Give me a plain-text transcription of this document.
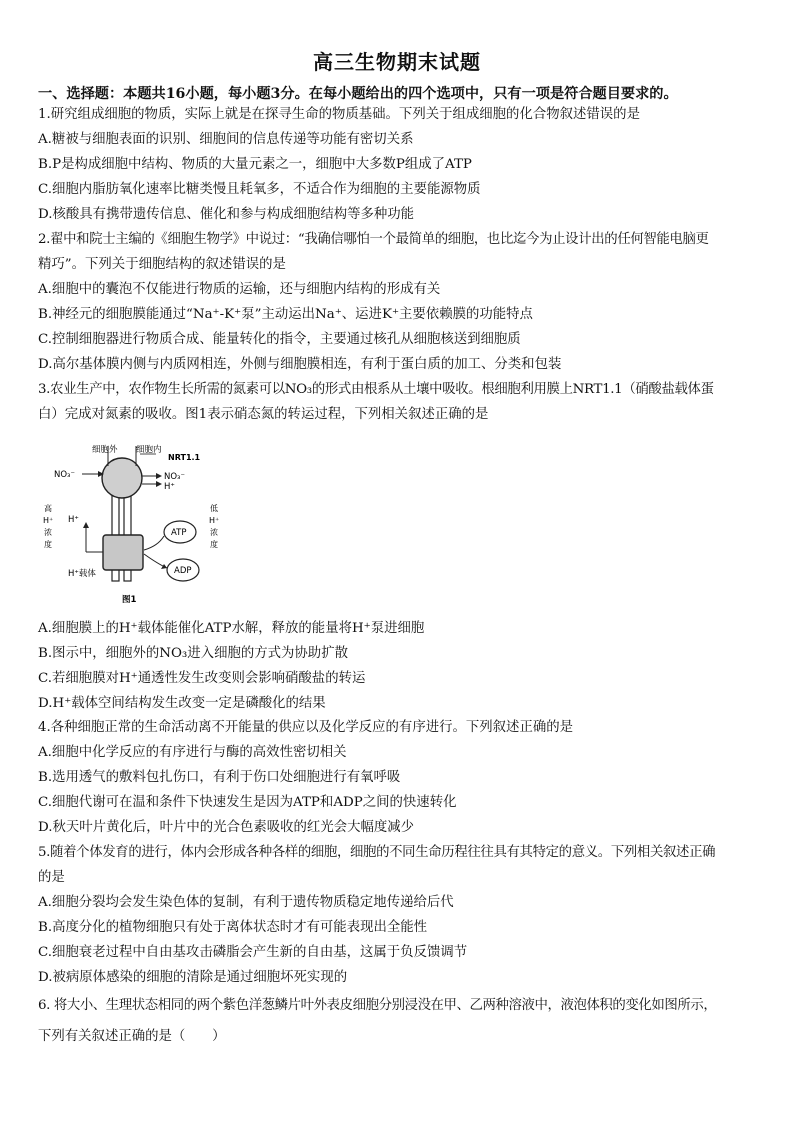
高三生物期末试题
一、选择题：本题共16小题，每小题3分。在每小题给出的四个选项中，只有一项是符合题目要求的。
1.研究组成细胞的物质，实际上就是在探寻生命的物质基础。下列关于组成细胞的化合物叙述错误的是
A.糖被与细胞表面的识别、细胞间的信息传递等功能有密切关系
B.P是构成细胞中结构、物质的大量元素之一，细胞中大多数P组成了ATP
C.细胞内脂肪氧化速率比糖类慢且耗氧多，不适合作为细胞的主要能源物质
D.核酸具有携带遗传信息、催化和参与构成细胞结构等多种功能
2.翟中和院士主编的《细胞生物学》中说过：“我确信哪怕一个最简单的细胞，也比迄今为止设计出的任何智能电脑更
精巧”。下列关于细胞结构的叙述错误的是
A.细胞中的囊泡不仅能进行物质的运输，还与细胞内结构的形成有关
B.神经元的细胞膜能通过“Na⁺-K⁺泵”主动运出Na⁺、运进K⁺主要依赖膜的功能特点
C.控制细胞器进行物质合成、能量转化的指令，主要通过核孔从细胞核送到细胞质
D.高尔基体膜内侧与内质网相连，外侧与细胞膜相连，有利于蛋白质的加工、分类和包装
3.农业生产中，农作物生长所需的氮素可以NO₃的形式由根系从土壤中吸收。根细胞利用膜上NRT1.1（硝酸盐载体蛋
白）完成对氮素的吸收。图1表示硝态氮的转运过程，下列相关叙述正确的是
细胞外 细胞内
NRT1.1
NO₃⁻	NO₃⁻
H⁺
H⁺
高
H⁺
浓
度
低
H⁺
浓
度
ATP
ADP
H⁺载体
图1
A.细胞膜上的H⁺载体能催化ATP水解，释放的能量将H⁺泵进细胞
B.图示中，细胞外的NO₃进入细胞的方式为协助扩散
C.若细胞膜对H⁺通透性发生改变则会影响硝酸盐的转运
D.H⁺载体空间结构发生改变一定是磷酸化的结果
4.各种细胞正常的生命活动离不开能量的供应以及化学反应的有序进行。下列叙述正确的是
A.细胞中化学反应的有序进行与酶的高效性密切相关
B.选用透气的敷料包扎伤口，有利于伤口处细胞进行有氧呼吸
C.细胞代谢可在温和条件下快速发生是因为ATP和ADP之间的快速转化
D.秋天叶片黄化后，叶片中的光合色素吸收的红光会大幅度减少
5.随着个体发育的进行，体内会形成各种各样的细胞，细胞的不同生命历程往往具有其特定的意义。下列相关叙述正确
的是
A.细胞分裂均会发生染色体的复制，有利于遗传物质稳定地传递给后代
B.高度分化的植物细胞只有处于离体状态时才有可能表现出全能性
C.细胞衰老过程中自由基攻击磷脂会产生新的自由基，这属于负反馈调节
D.被病原体感染的细胞的清除是通过细胞坏死实现的
6. 将大小、生理状态相同的两个紫色洋葱鳞片叶外表皮细胞分别浸没在甲、乙两种溶液中，液泡体积的变化如图所示，
下列有关叙述正确的是（　　）
